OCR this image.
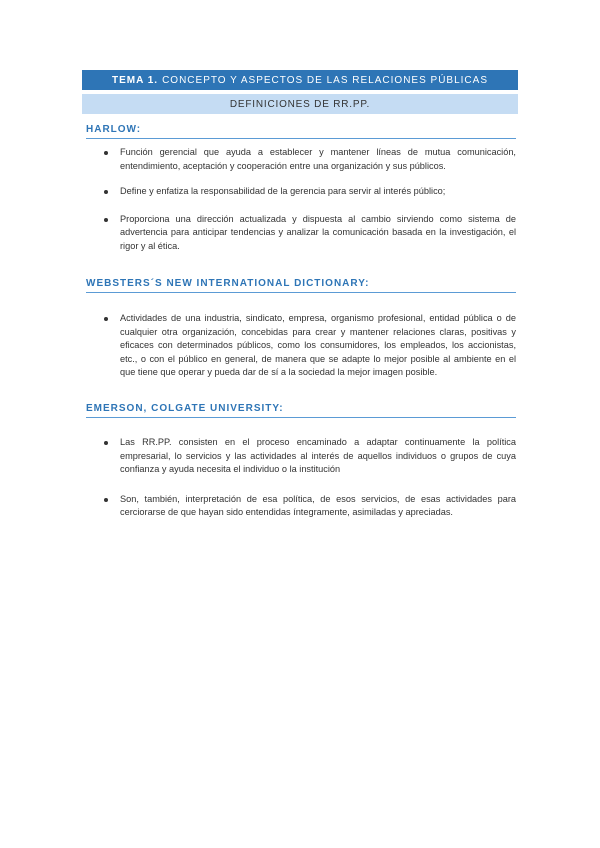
TEMA 1. CONCEPTO Y ASPECTOS DE LAS RELACIONES PÚBLICAS
DEFINICIONES DE RR.PP.
HARLOW:
Función gerencial que ayuda a establecer y mantener líneas de mutua comunicación, entendimiento, aceptación y cooperación entre una organización y sus públicos.
Define y enfatiza la responsabilidad de la gerencia para servir al interés público;
Proporciona una dirección actualizada y dispuesta al cambio sirviendo como sistema de advertencia para anticipar tendencias y analizar la comunicación basada en la investigación, el rigor y al ética.
WEBSTERS´S NEW INTERNATIONAL DICTIONARY:
Actividades de una industria, sindicato, empresa, organismo profesional, entidad pública o de cualquier otra organización, concebidas para crear y mantener relaciones claras, positivas y eficaces con determinados públicos, como los consumidores, los empleados, los accionistas, etc., o con el público en general, de manera que se adapte lo mejor posible al ambiente en el que tiene que operar y pueda dar de sí a la sociedad la mejor imagen posible.
EMERSON, COLGATE UNIVERSITY:
Las RR.PP. consisten en el proceso encaminado a adaptar continuamente la política empresarial, lo servicios y las actividades al interés de aquellos individuos o grupos de cuya confianza y ayuda necesita el individuo o la institución
Son, también, interpretación de esa política, de esos servicios, de esas actividades para cerciorarse de que hayan sido entendidas íntegramente, asimiladas y apreciadas.
